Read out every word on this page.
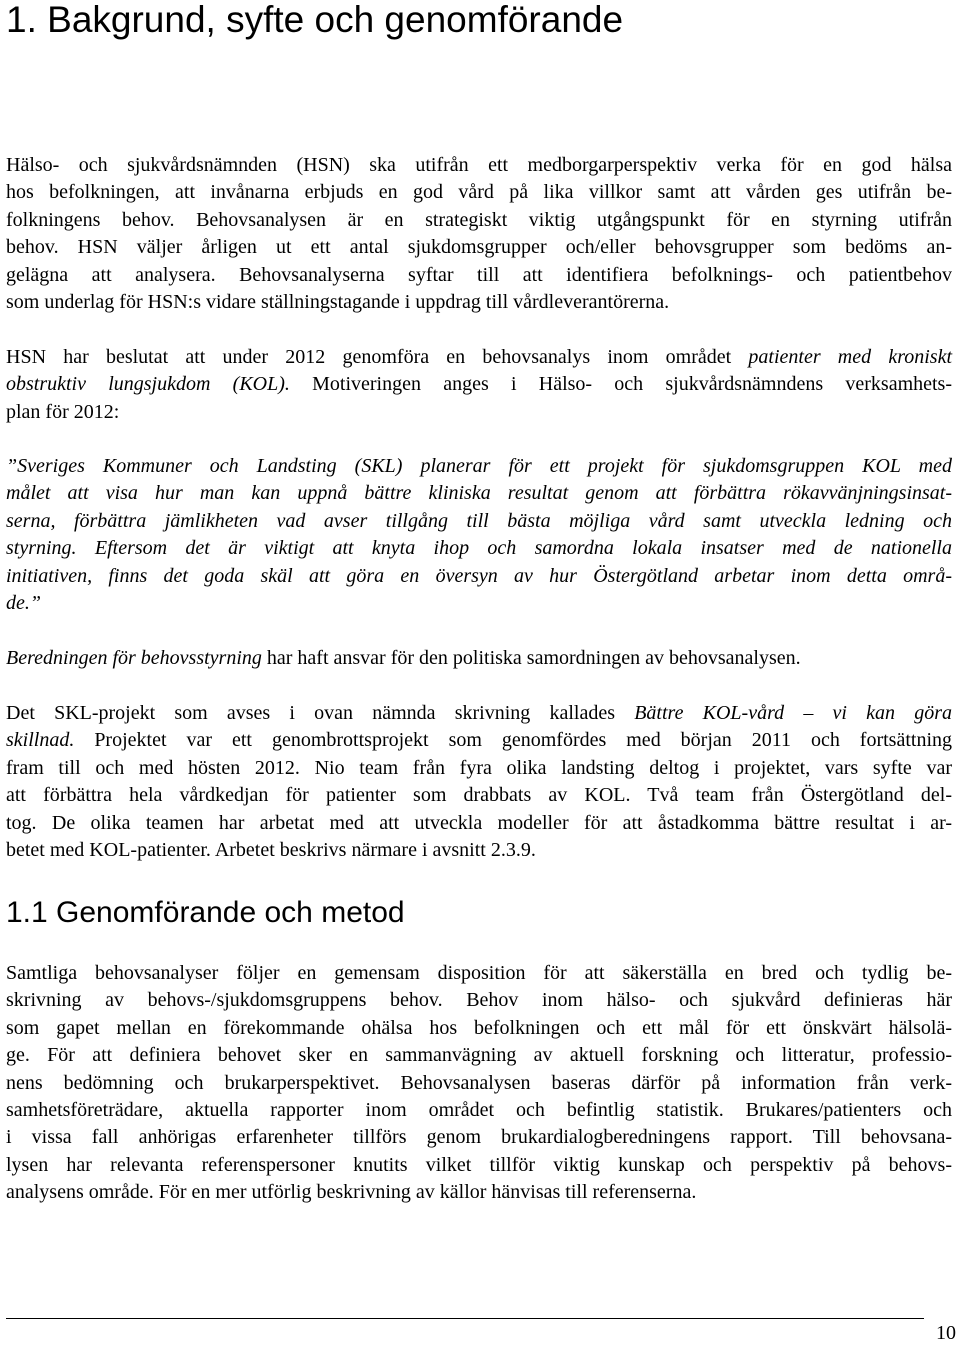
1. Bakgrund, syfte och genomförande
Hälso- och sjukvårdsnämnden (HSN) ska utifrån ett medborgarperspektiv verka för en god hälsa
hos befolkningen, att invånarna erbjuds en god vård på lika villkor samt att vården ges utifrån be-
folkningens behov. Behovsanalysen är en strategiskt viktig utgångspunkt för en styrning utifrån
behov. HSN väljer årligen ut ett antal sjukdomsgrupper och/eller behovsgrupper som bedöms an-
gelägna att analysera. Behovsanalyserna syftar till att identifiera befolknings- och patientbehov
som underlag för HSN:s vidare ställningstagande i uppdrag till vårdleverantörerna.
HSN har beslutat att under 2012 genomföra en behovsanalys inom området patienter med kroniskt
obstruktiv lungsjukdom (KOL). Motiveringen anges i Hälso- och sjukvårdsnämndens verksamhets-
plan för 2012:
”Sveriges Kommuner och Landsting (SKL) planerar för ett projekt för sjukdomsgruppen KOL med
målet att visa hur man kan uppnå bättre kliniska resultat genom att förbättra rökavvänjningsinsat-
serna, förbättra jämlikheten vad avser tillgång till bästa möjliga vård samt utveckla ledning och
styrning. Eftersom det är viktigt att knyta ihop och samordna lokala insatser med de nationella
initiativen, finns det goda skäl att göra en översyn av hur Östergötland arbetar inom detta områ-
de.”
Beredningen för behovsstyrning har haft ansvar för den politiska samordningen av behovsanalysen.
Det SKL-projekt som avses i ovan nämnda skrivning kallades Bättre KOL-vård – vi kan göra
skillnad. Projektet var ett genombrottsprojekt som genomfördes med början 2011 och fortsättning
fram till och med hösten 2012. Nio team från fyra olika landsting deltog i projektet, vars syfte var
att förbättra hela vårdkedjan för patienter som drabbats av KOL. Två team från Östergötland del-
tog. De olika teamen har arbetat med att utveckla modeller för att åstadkomma bättre resultat i ar-
betet med KOL-patienter. Arbetet beskrivs närmare i avsnitt 2.3.9.
1.1 Genomförande och metod
Samtliga behovsanalyser följer en gemensam disposition för att säkerställa en bred och tydlig be-
skrivning av behovs-/sjukdomsgruppens behov. Behov inom hälso- och sjukvård definieras här
som gapet mellan en förekommande ohälsa hos befolkningen och ett mål för ett önskvärt hälsolä-
ge. För att definiera behovet sker en sammanvägning av aktuell forskning och litteratur, professio-
nens bedömning och brukarperspektivet. Behovsanalysen baseras därför på information från verk-
samhetsföreträdare, aktuella rapporter inom området och befintlig statistik. Brukares/patienters och
i vissa fall anhörigas erfarenheter tillförs genom brukardialogberedningens rapport. Till behovsana-
lysen har relevanta referenspersoner knutits vilket tillför viktig kunskap och perspektiv på behovs-
analysens område. För en mer utförlig beskrivning av källor hänvisas till referenserna.
10
